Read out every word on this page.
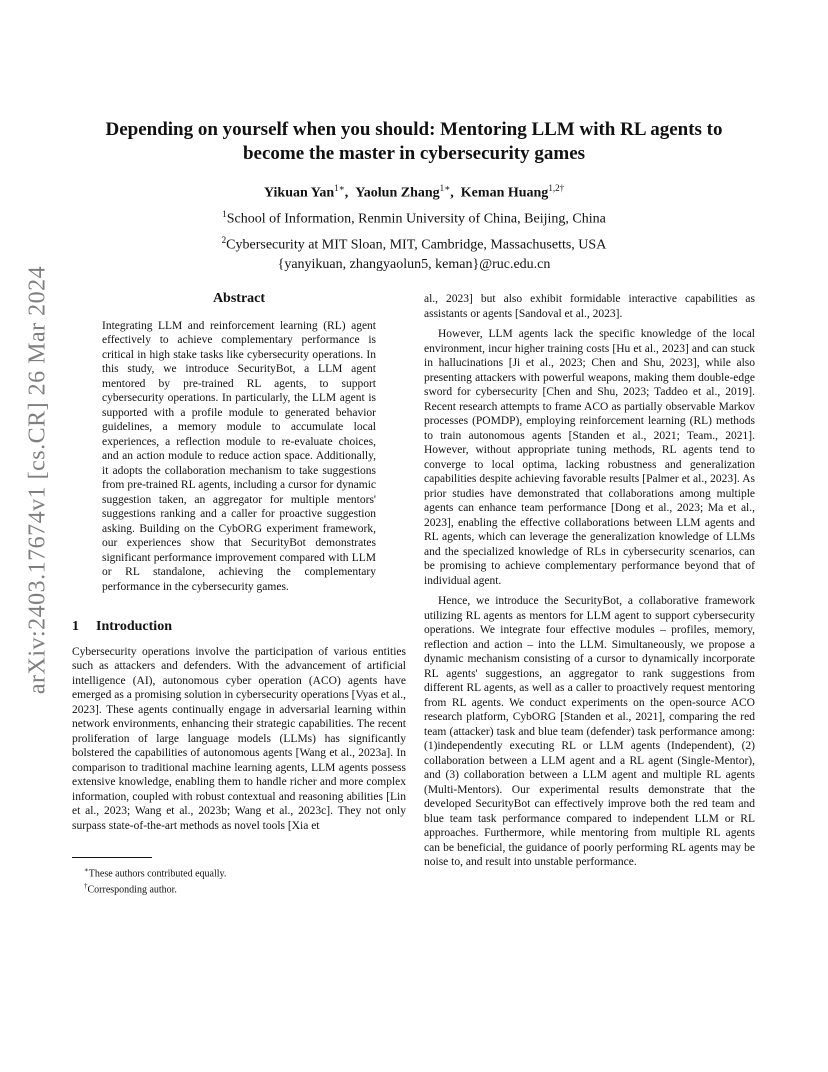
arXiv:2403.17674v1 [cs.CR] 26 Mar 2024
Depending on yourself when you should: Mentoring LLM with RL agents to become the master in cybersecurity games
Yikuan Yan$^{1∗}$,  Yaolun Zhang$^{1∗}$,  Keman Huang$^{1,2\dagger}$
$^1$School of Information, Renmin University of China, Beijing, China
$^2$Cybersecurity at MIT Sloan, MIT, Cambridge, Massachusetts, USA
{yanyikuan, zhangyaolun5, keman}@ruc.edu.cn
Abstract
Integrating LLM and reinforcement learning (RL) agent effectively to achieve complementary performance is critical in high stake tasks like cybersecurity operations. In this study, we introduce SecurityBot, a LLM agent mentored by pre-trained RL agents, to support cybersecurity operations. In particularly, the LLM agent is supported with a profile module to generated behavior guidelines, a memory module to accumulate local experiences, a reflection module to re-evaluate choices, and an action module to reduce action space. Additionally, it adopts the collaboration mechanism to take suggestions from pre-trained RL agents, including a cursor for dynamic suggestion taken, an aggregator for multiple mentors' suggestions ranking and a caller for proactive suggestion asking. Building on the CybORG experiment framework, our experiences show that SecurityBot demonstrates significant performance improvement compared with LLM or RL standalone, achieving the complementary performance in the cybersecurity games.
1 Introduction

Cybersecurity operations involve the participation of various entities such as attackers and defenders. With the advancement of artificial intelligence (AI), autonomous cyber operation (ACO) agents have emerged as a promising solution in cybersecurity operations [Vyas et al., 2023]. These agents continually engage in adversarial learning within network environments, enhancing their strategic capabilities. The recent proliferation of large language models (LLMs) has significantly bolstered the capabilities of autonomous agents [Wang et al., 2023a]. In comparison to traditional machine learning agents, LLM agents possess extensive knowledge, enabling them to handle richer and more complex information, coupled with robust contextual and reasoning abilities [Lin et al., 2023; Wang et al., 2023b; Wang et al., 2023c]. They not only surpass state-of-the-art methods as novel tools [Xia et

∗These authors contributed equally.
†Corresponding author.

al., 2023] but also exhibit formidable interactive capabilities as assistants or agents [Sandoval et al., 2023].

However, LLM agents lack the specific knowledge of the local environment, incur higher training costs [Hu et al., 2023] and can stuck in hallucinations [Ji et al., 2023; Chen and Shu, 2023], while also presenting attackers with powerful weapons, making them double-edge sword for cybersecurity [Chen and Shu, 2023; Taddeo et al., 2019]. Recent research attempts to frame ACO as partially observable Markov processes (POMDP), employing reinforcement learning (RL) methods to train autonomous agents [Standen et al., 2021; Team., 2021]. However, without appropriate tuning methods, RL agents tend to converge to local optima, lacking robustness and generalization capabilities despite achieving favorable results [Palmer et al., 2023]. As prior studies have demonstrated that collaborations among multiple agents can enhance team performance [Dong et al., 2023; Ma et al., 2023], enabling the effective collaborations between LLM agents and RL agents, which can leverage the generalization knowledge of LLMs and the specialized knowledge of RLs in cybersecurity scenarios, can be promising to achieve complementary performance beyond that of individual agent.

Hence, we introduce the SecurityBot, a collaborative framework utilizing RL agents as mentors for LLM agent to support cybersecurity operations. We integrate four effective modules – profiles, memory, reflection and action – into the LLM. Simultaneously, we propose a dynamic mechanism consisting of a cursor to dynamically incorporate RL agents' suggestions, an aggregator to rank suggestions from different RL agents, as well as a caller to proactively request mentoring from RL agents. We conduct experiments on the open-source ACO research platform, CybORG [Standen et al., 2021], comparing the red team (attacker) task and blue team (defender) task performance among: (1)independently executing RL or LLM agents (Independent), (2) collaboration between a LLM agent and a RL agent (Single-Mentor), and (3) collaboration between a LLM agent and multiple RL agents (Multi-Mentors). Our experimental results demonstrate that the developed SecurityBot can effectively improve both the red team and blue team task performance compared to independent LLM or RL approaches. Furthermore, while mentoring from multiple RL agents can be beneficial, the guidance of poorly performing RL agents may be noise to, and result into unstable performance.
